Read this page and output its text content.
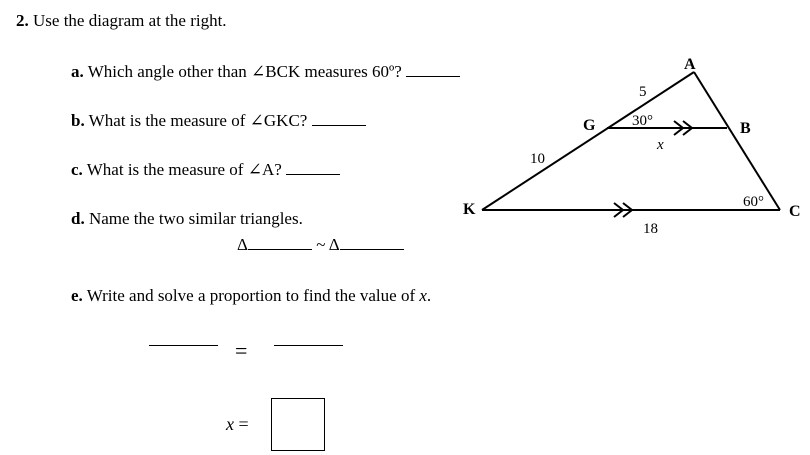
2. Use the diagram at the right.
a. Which angle other than ∠BCK measures 60º?
b. What is the measure of ∠GKC?
c. What is the measure of ∠A?
d. Name the two similar triangles.
Δ	~ Δ
e. Write and solve a proportion to find the value of x.
=
x =
A
B
C
G
K
5
10
18
x
30°
60°
